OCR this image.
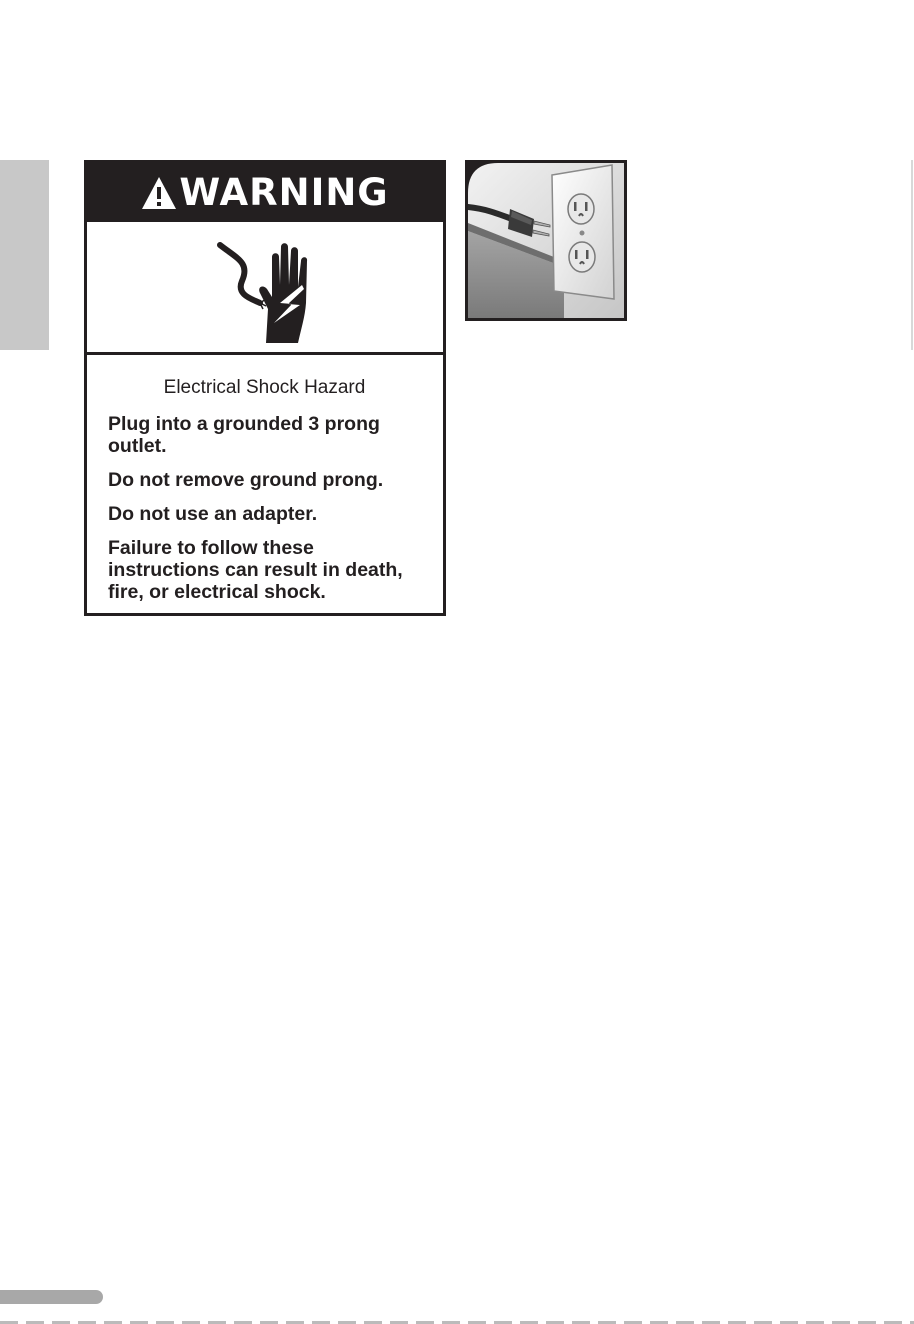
WARNING

Electrical Shock Hazard

Plug into a grounded 3 prong outlet.

Do not remove ground prong.

Do not use an adapter.

Failure to follow these instructions can result in death, fire, or electrical shock.
